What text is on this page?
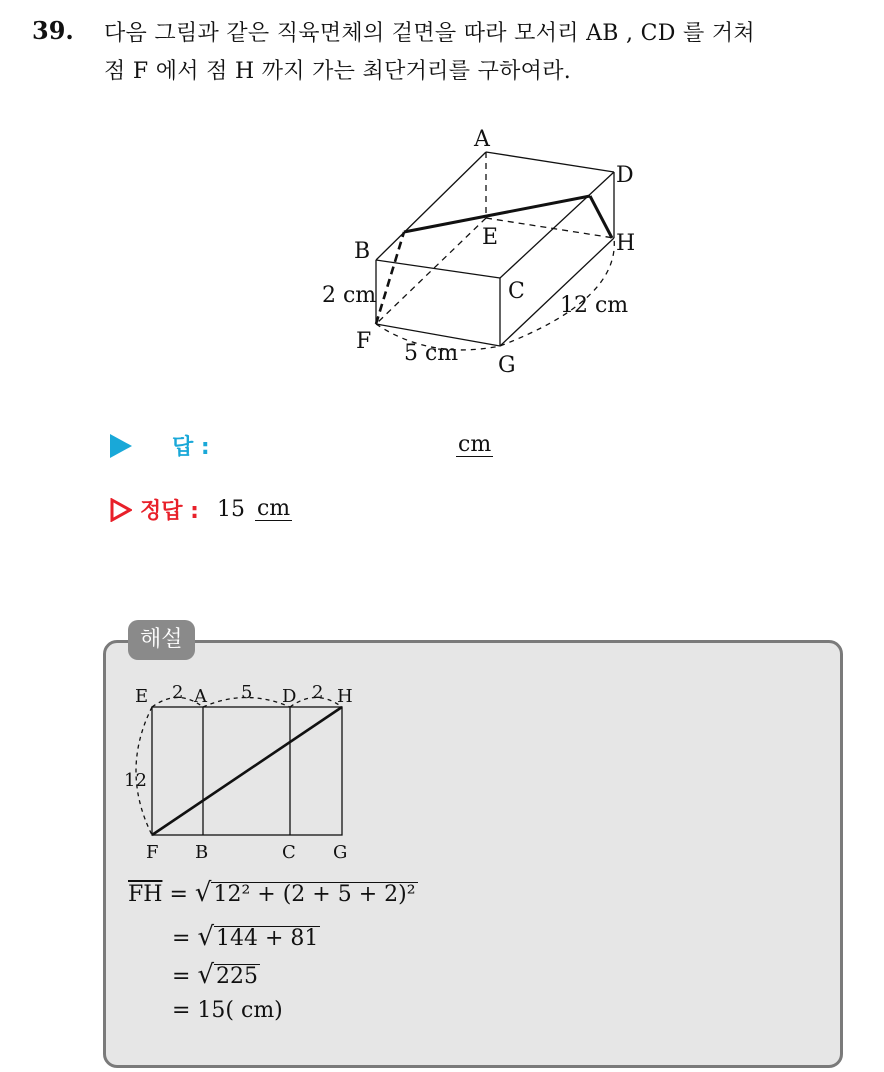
39. 다음 그림과 같은 직육면체의 겉면을 따라 모서리 AB , CD 를 거쳐
점 F 에서 점 H 까지 가는 최단거리를 구하여라.
A
D
E	H
B
C
F
G
2 cm
5 cm
12 cm
답 :	cm
정답 : 15 cm
해설
E	A	D H
2	5	2
12
F B	C G
$\overline{FH} = √12^2 + (2 + 5 + 2)^2$
= √144 + 81
= √225
= 15( cm)
